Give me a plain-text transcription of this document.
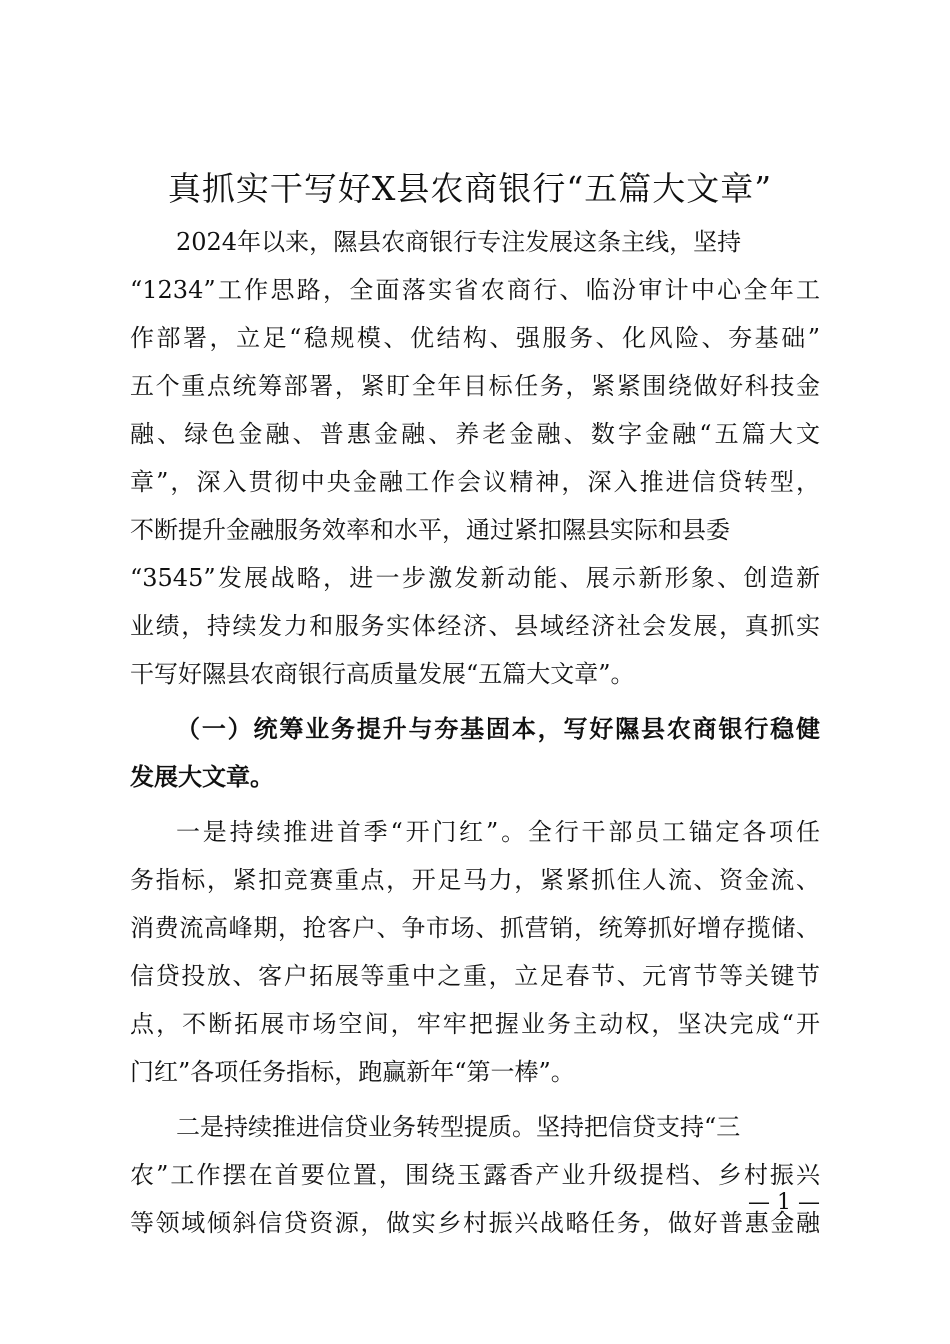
真抓实干写好X县农商银行“五篇大文章”
2024年以来，隰县农商银行专注发展这条主线，坚持
“1234”工作思路，全面落实省农商行、临汾审计中心全年工
作部署，立足“稳规模、优结构、强服务、化风险、夯基础”
五个重点统筹部署，紧盯全年目标任务，紧紧围绕做好科技金
融、绿色金融、普惠金融、养老金融、数字金融“五篇大文
章”，深入贯彻中央金融工作会议精神，深入推进信贷转型，
不断提升金融服务效率和水平，通过紧扣隰县实际和县委
“3545”发展战略，进一步激发新动能、展示新形象、创造新
业绩，持续发力和服务实体经济、县域经济社会发展，真抓实
干写好隰县农商银行高质量发展“五篇大文章”。
（一）统筹业务提升与夯基固本，写好隰县农商银行稳健
发展大文章。
一是持续推进首季“开门红”。全行干部员工锚定各项任
务指标，紧扣竞赛重点，开足马力，紧紧抓住人流、资金流、
消费流高峰期，抢客户、争市场、抓营销，统筹抓好增存揽储、
信贷投放、客户拓展等重中之重，立足春节、元宵节等关键节
点，不断拓展市场空间，牢牢把握业务主动权，坚决完成“开
门红”各项任务指标，跑赢新年“第一棒”。
二是持续推进信贷业务转型提质。坚持把信贷支持“三
农”工作摆在首要位置，围绕玉露香产业升级提档、乡村振兴
等领域倾斜信贷资源，做实乡村振兴战略任务，做好普惠金融
— 1 —
